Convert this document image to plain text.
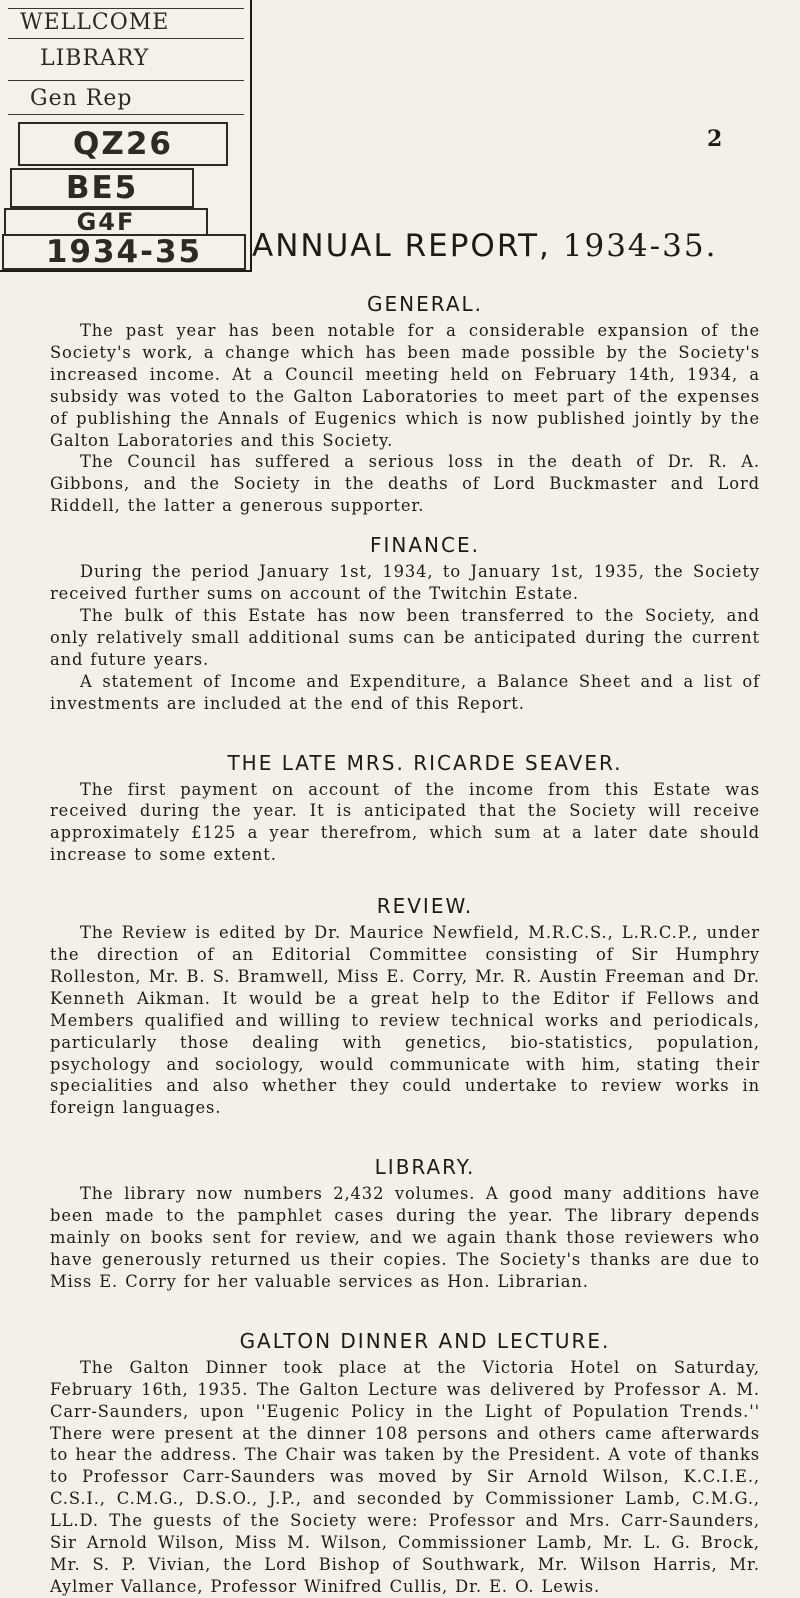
WELLCOME
LIBRARY
Gen Rep
QZ26
BE5
G4F
1934-35
2
ANNUAL REPORT, 1934-35.
GENERAL.

The past year has been notable for a considerable expansion of the Society's work, a change which has been made possible by the Society's increased income. At a Council meeting held on February 14th, 1934, a subsidy was voted to the Galton Laboratories to meet part of the expenses of publishing the Annals of Eugenics which is now published jointly by the Galton Laboratories and this Society.

The Council has suffered a serious loss in the death of Dr. R. A. Gibbons, and the Society in the deaths of Lord Buckmaster and Lord Riddell, the latter a generous supporter.

FINANCE.

During the period January 1st, 1934, to January 1st, 1935, the Society received further sums on account of the Twitchin Estate.

The bulk of this Estate has now been transferred to the Society, and only relatively small additional sums can be anticipated during the current and future years.

A statement of Income and Expenditure, a Balance Sheet and a list of investments are included at the end of this Report.

THE LATE MRS. RICARDE SEAVER.

The first payment on account of the income from this Estate was received during the year. It is anticipated that the Society will receive approximately £125 a year therefrom, which sum at a later date should increase to some extent.

REVIEW.

The Review is edited by Dr. Maurice Newfield, M.R.C.S., L.R.C.P., under the direction of an Editorial Committee consisting of Sir Humphry Rolleston, Mr. B. S. Bramwell, Miss E. Corry, Mr. R. Austin Freeman and Dr. Kenneth Aikman. It would be a great help to the Editor if Fellows and Members qualified and willing to review technical works and periodicals, particularly those dealing with genetics, bio-statistics, population, psychology and sociology, would communicate with him, stating their specialities and also whether they could undertake to review works in foreign languages.

LIBRARY.

The library now numbers 2,432 volumes. A good many additions have been made to the pamphlet cases during the year. The library depends mainly on books sent for review, and we again thank those reviewers who have generously returned us their copies. The Society's thanks are due to Miss E. Corry for her valuable services as Hon. Librarian.

GALTON DINNER AND LECTURE.

The Galton Dinner took place at the Victoria Hotel on Saturday, February 16th, 1935. The Galton Lecture was delivered by Professor A. M. Carr-Saunders, upon ''Eugenic Policy in the Light of Population Trends.'' There were present at the dinner 108 persons and others came afterwards to hear the address. The Chair was taken by the President. A vote of thanks to Professor Carr-Saunders was moved by Sir Arnold Wilson, K.C.I.E., C.S.I., C.M.G., D.S.O., J.P., and seconded by Commissioner Lamb, C.M.G., LL.D. The guests of the Society were: Professor and Mrs. Carr-Saunders, Sir Arnold Wilson, Miss M. Wilson, Commissioner Lamb, Mr. L. G. Brock, Mr. S. P. Vivian, the Lord Bishop of Southwark, Mr. Wilson Harris, Mr. Aylmer Vallance, Professor Winifred Cullis, Dr. E. O. Lewis.
